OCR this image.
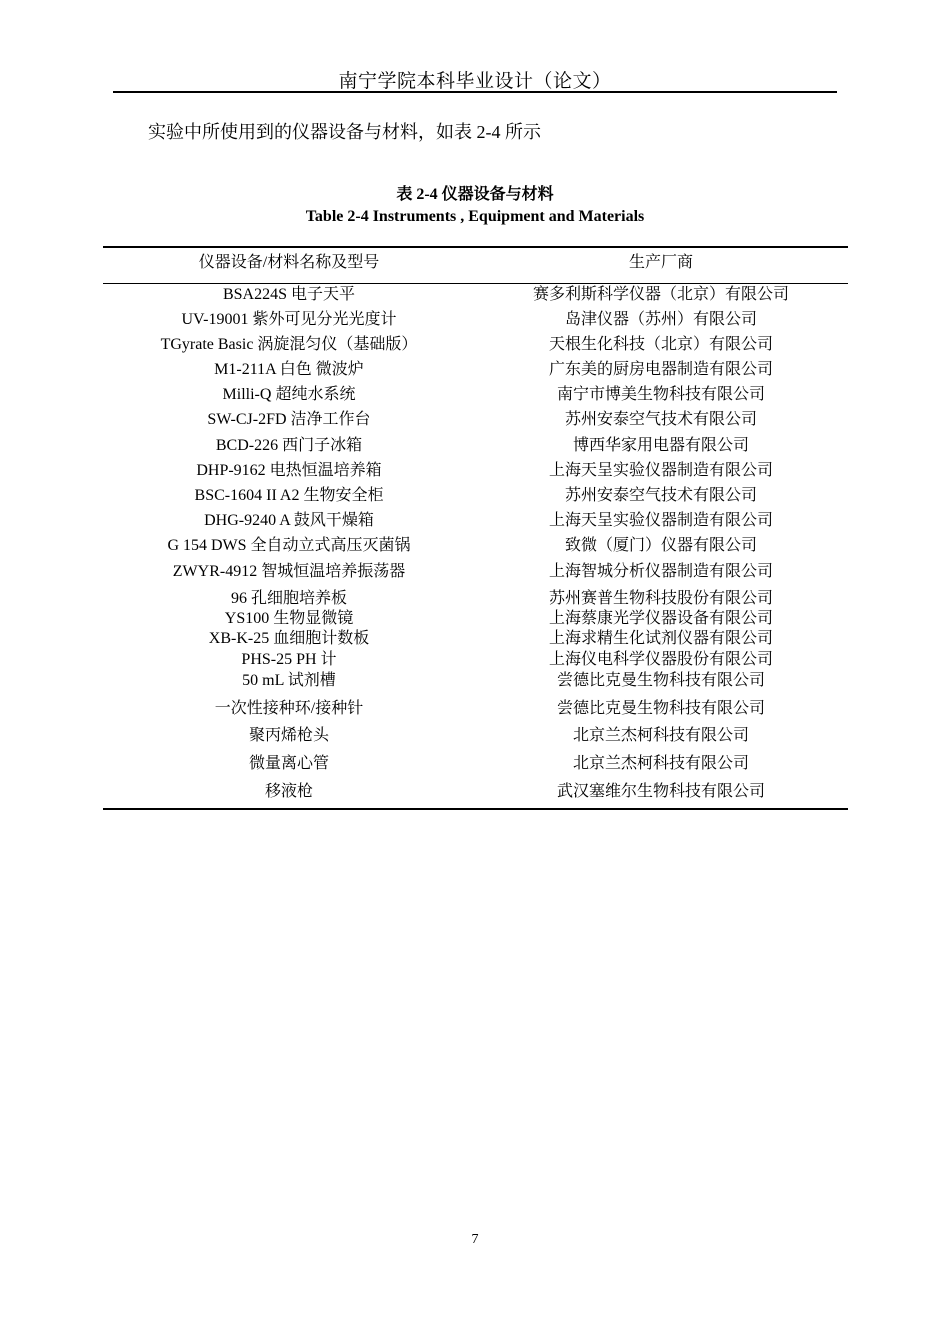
南宁学院本科毕业设计（论文）
实验中所使用到的仪器设备与材料，如表 2-4 所示
表 2-4 仪器设备与材料
Table 2-4 Instruments , Equipment and Materials
仪器设备/材料名称及型号	生产厂商
BSA224S 电子天平	赛多利斯科学仪器（北京）有限公司
UV-19001 紫外可见分光光度计	岛津仪器（苏州）有限公司
TGyrate Basic 涡旋混匀仪（基础版）	天根生化科技（北京）有限公司
M1-211A 白色 微波炉	广东美的厨房电器制造有限公司
Milli-Q 超纯水系统	南宁市博美生物科技有限公司
SW-CJ-2FD 洁净工作台	苏州安泰空气技术有限公司
BCD-226 西门子冰箱	博西华家用电器有限公司
DHP-9162 电热恒温培养箱	上海天呈实验仪器制造有限公司
BSC-1604 II A2 生物安全柜	苏州安泰空气技术有限公司
DHG-9240 A 鼓风干燥箱	上海天呈实验仪器制造有限公司
G 154 DWS 全自动立式高压灭菌锅	致微（厦门）仪器有限公司
ZWYR-4912 智城恒温培养振荡器	上海智城分析仪器制造有限公司
96 孔细胞培养板	苏州赛普生物科技股份有限公司
YS100 生物显微镜	上海蔡康光学仪器设备有限公司
XB-K-25 血细胞计数板	上海求精生化试剂仪器有限公司
PHS-25 PH 计	上海仪电科学仪器股份有限公司
50 mL 试剂槽	尝德比克曼生物科技有限公司
一次性接种环/接种针	尝德比克曼生物科技有限公司
聚丙烯枪头	北京兰杰柯科技有限公司
微量离心管	北京兰杰柯科技有限公司
移液枪	武汉塞维尔生物科技有限公司
7
